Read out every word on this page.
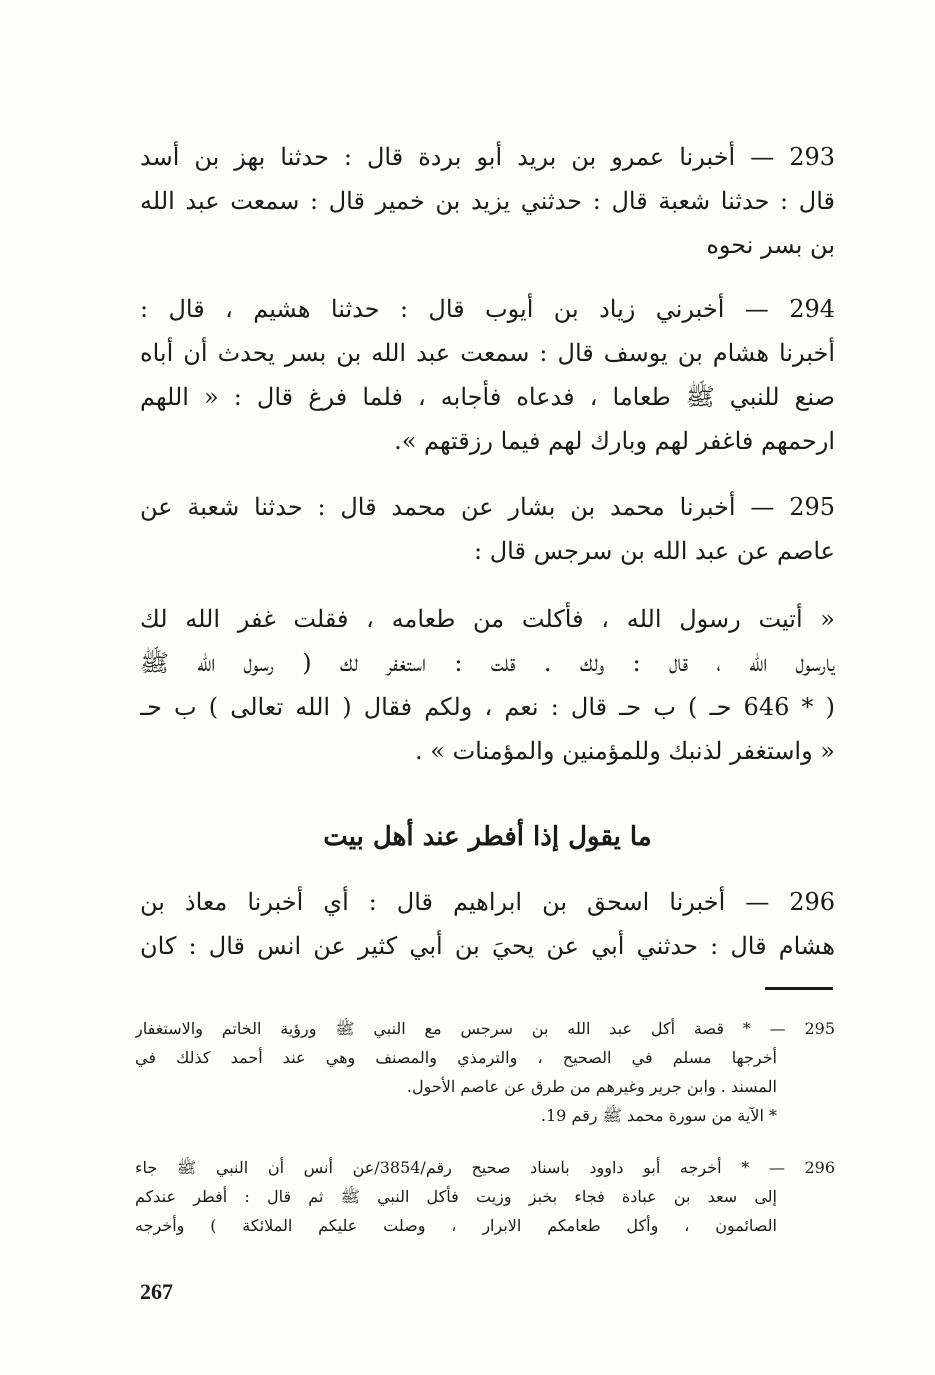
293 — أخبرنا عمرو بن بريد أبو بردة قال : حدثنا بهز بن أسد
قال : حدثنا شعبة قال : حدثني يزيد بن خمير قال : سمعت عبد الله
بن بسر نحوه
294 — أخبرني زياد بن أيوب قال : حدثنا هشيم ، قال :
أخبرنا هشام بن يوسف قال : سمعت عبد الله بن بسر يحدث أن أباه
صنع للنبي ﷺ طعاما ، فدعاه فأجابه ، فلما فرغ قال : « اللهم
ارحمهم فاغفر لهم وبارك لهم فيما رزقتهم ».
295 — أخبرنا محمد بن بشار عن محمد قال : حدثنا شعبة عن
عاصم عن عبد الله بن سرجس قال :
« أتيت رسول الله ، فأكلت من طعامه ، فقلت غفر الله لك
يارسول الله ، قال : ولك . قلت : استغفر لك ( رسول الله ﷺ
( * 646 حـ ) ب حـ قال : نعم ، ولكم فقال ( الله تعالى ) ب حـ
« واستغفر لذنبك وللمؤمنين والمؤمنات » .
ما يقول إذا أفطر عند أهل بيت
296 — أخبرنا اسحق بن ابراهيم قال : أي أخبرنا معاذ بن
هشام قال : حدثني أبي عن يحيَ بن أبي كثير عن انس قال : كان
295 — * قصة أكل عبد الله بن سرجس مع النبي ﷺ ورؤية الخاتم والاستغفار
أخرجها مسلم في الصحيح ، والترمذي والمصنف وهي عند أحمد كذلك في
المسند . وابن جرير وغيرهم من طرق عن عاصم الأحول.
* الآية من سورة محمد ﷺ رقم 19.
296 — * أخرجه أبو داوود باسناد صحيح رقم/3854/عن أنس أن النبي ﷺ جاء
إلى سعد بن عبادة فجاء بخبز وزيت فأكل النبي ﷺ ثم قال : أفطر عندكم
الصائمون ، وأكل طعامكم الابرار ، وصلت عليكم الملائكة ) وأخرجه
267
